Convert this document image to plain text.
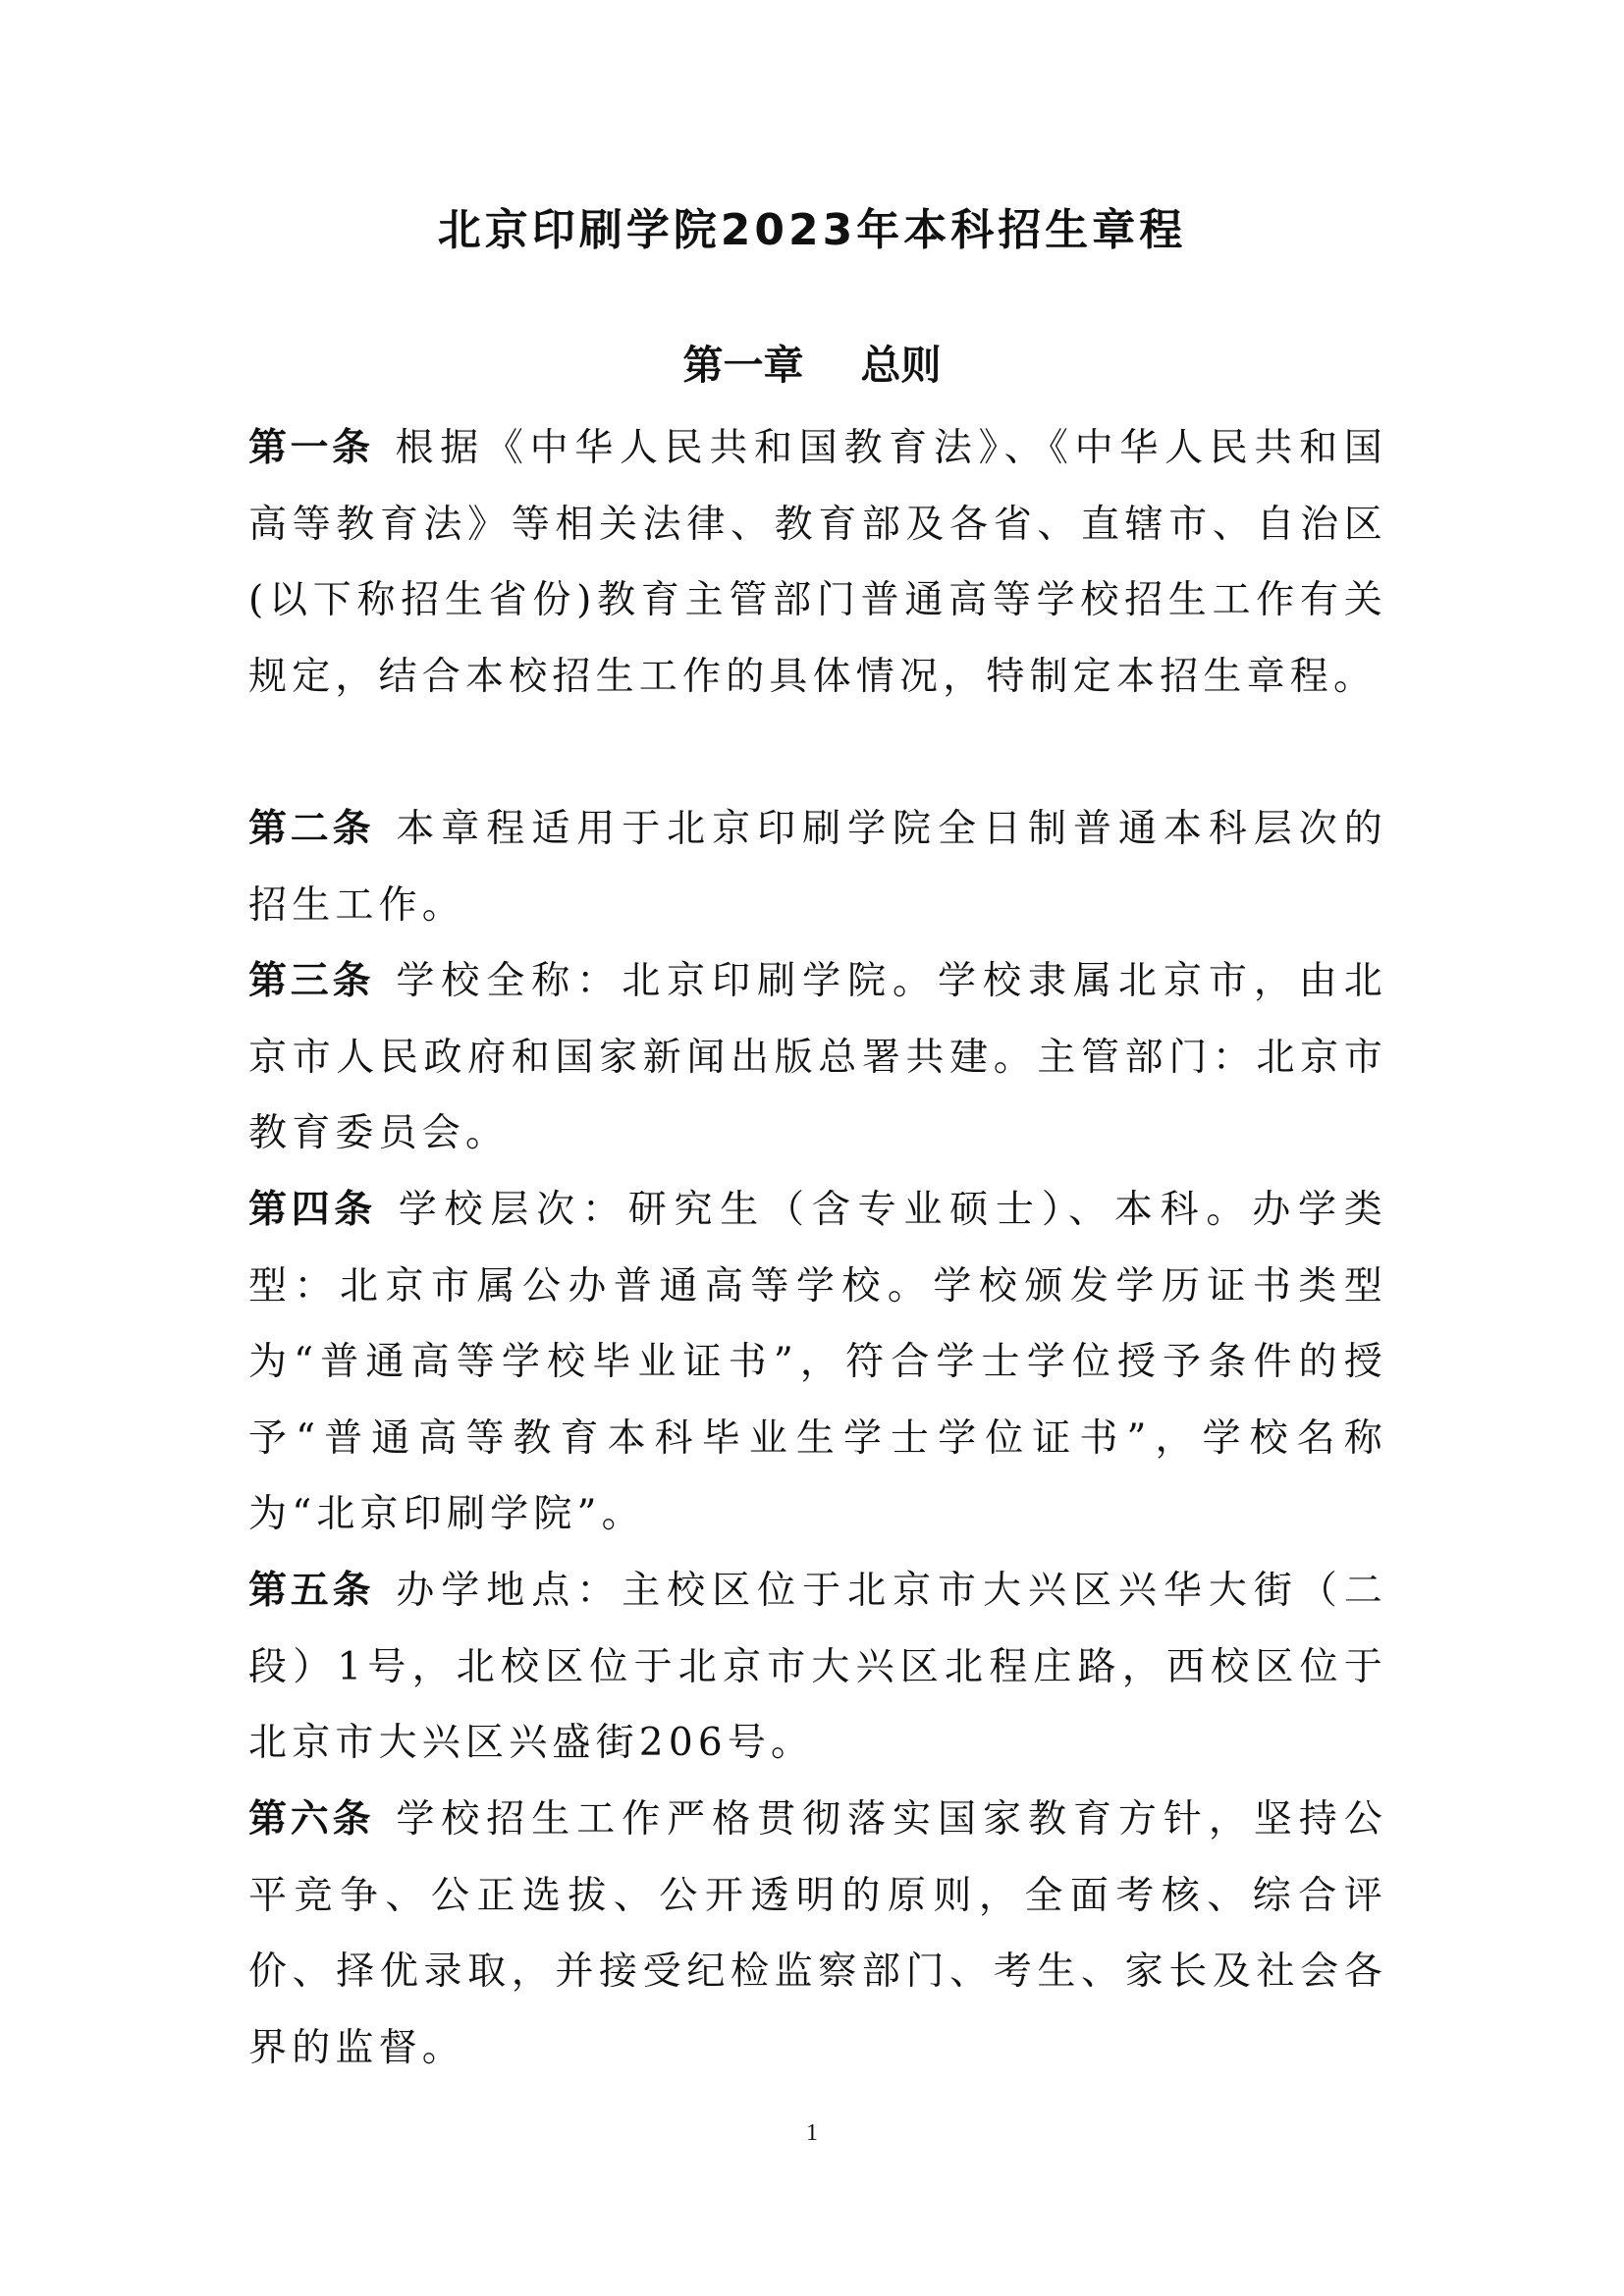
北京印刷学院2023年本科招生章程
第一章 总则

第一条 根据《中华人民共和国教育法》、《中华人民共和国高等教育法》等相关法律、教育部及各省、直辖市、自治区(以下称招生省份)教育主管部门普通高等学校招生工作有关规定，结合本校招生工作的具体情况，特制定本招生章程。

第二条 本章程适用于北京印刷学院全日制普通本科层次的招生工作。

第三条 学校全称：北京印刷学院。学校隶属北京市，由北京市人民政府和国家新闻出版总署共建。主管部门：北京市教育委员会。

第四条 学校层次：研究生（含专业硕士）、本科。办学类型：北京市属公办普通高等学校。学校颁发学历证书类型为“普通高等学校毕业证书”，符合学士学位授予条件的授予“普通高等教育本科毕业生学士学位证书”，学校名称为“北京印刷学院”。

第五条 办学地点：主校区位于北京市大兴区兴华大街（二段）1号，北校区位于北京市大兴区北程庄路，西校区位于北京市大兴区兴盛街206号。

第六条 学校招生工作严格贯彻落实国家教育方针，坚持公平竞争、公正选拔、公开透明的原则，全面考核、综合评价、择优录取，并接受纪检监察部门、考生、家长及社会各界的监督。

1
